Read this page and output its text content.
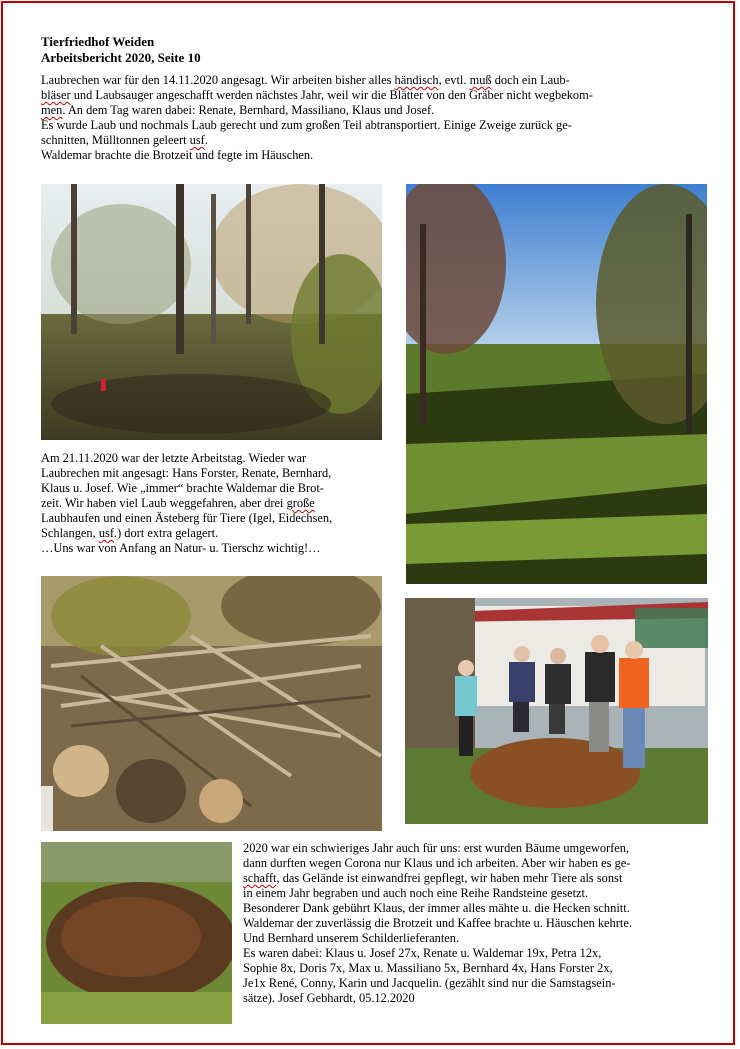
Tierfriedhof Weiden
Arbeitsbericht 2020, Seite 10
Laubrechen war für den 14.11.2020 angesagt. Wir arbeiten bisher alles händisch, evtl. muß doch ein Laub-
bläser und Laubsauger angeschafft werden nächstes Jahr, weil wir die Blätter von den Gräber nicht wegbekom-
men. An dem Tag waren dabei: Renate, Bernhard, Massiliano, Klaus und Josef.
Es wurde Laub und nochmals Laub gerecht und zum großen Teil abtransportiert. Einige Zweige zurück ge-
schnitten, Mülltonnen geleert usf.
Waldemar brachte die Brotzeit und fegte im Häuschen.
Am 21.11.2020 war der letzte Arbeitstag. Wieder war
Laubrechen mit angesagt: Hans Forster, Renate, Bernhard,
Klaus u. Josef. Wie „immer“ brachte Waldemar die Brot-
zeit. Wir haben viel Laub weggefahren, aber drei große
Laubhaufen und einen Ästeberg für Tiere (Igel, Eidechsen,
Schlangen, usf.) dort extra gelagert.
…Uns war von Anfang an Natur- u. Tierschz wichtig!…
2020 war ein schwieriges Jahr auch für uns: erst wurden Bäume umgeworfen,
dann durften wegen Corona nur Klaus und ich arbeiten. Aber wir haben es ge-
schafft, das Gelände ist einwandfrei gepflegt, wir haben mehr Tiere als sonst
in einem Jahr begraben und auch noch eine Reihe Randsteine gesetzt.
Besonderer Dank gebührt Klaus, der immer alles mähte u. die Hecken schnitt.
Waldemar der zuverlässig die Brotzeit und Kaffee brachte u. Häuschen kehrte.
Und Bernhard unserem Schilderlieferanten.
Es waren dabei: Klaus u. Josef 27x, Renate u. Waldemar 19x, Petra 12x,
Sophie 8x, Doris 7x, Max u. Massiliano 5x, Bernhard 4x, Hans Forster 2x,
Je1x René, Conny, Karin und Jacquelin. (gezählt sind nur die Samstagsein-
sätze). Josef Gebhardt, 05.12.2020
